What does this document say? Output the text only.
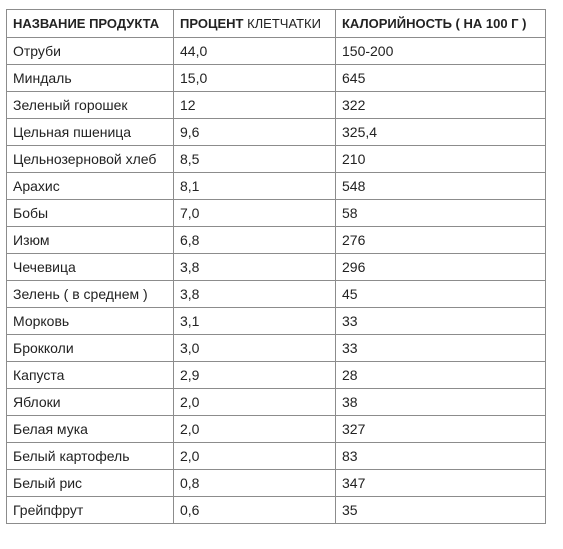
НАЗВАНИЕ ПРОДУКТА	ПРОЦЕНТ КЛЕТЧАТКИ	КАЛОРИЙНОСТЬ ( НА 100 Г )
Отруби	44,0	150-200
Миндаль	15,0	645
Зеленый горошек	12	322
Цельная пшеница	9,6	325,4
Цельнозерновой хлеб	8,5	210
Арахис	8,1	548
Бобы	7,0	58
Изюм	6,8	276
Чечевица	3,8	296
Зелень ( в среднем )	3,8	45
Морковь	3,1	33
Брокколи	3,0	33
Капуста	2,9	28
Яблоки	2,0	38
Белая мука	2,0	327
Белый картофель	2,0	83
Белый рис	0,8	347
Грейпфрут	0,6	35
